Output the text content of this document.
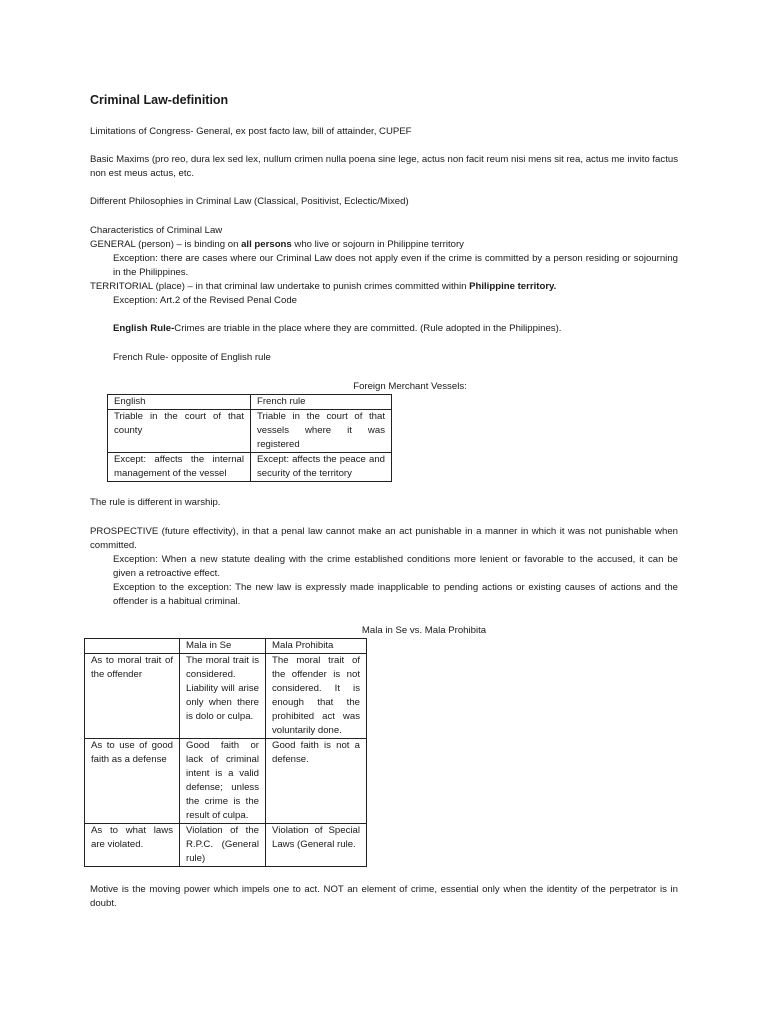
Criminal Law-definition
Limitations of Congress- General, ex post facto law, bill of attainder, CUPEF
Basic Maxims (pro reo, dura lex sed lex, nullum crimen nulla poena sine lege, actus non facit reum nisi mens sit rea, actus me invito factus non est meus actus, etc.
Different Philosophies in Criminal Law (Classical, Positivist, Eclectic/Mixed)
Characteristics of Criminal Law
GENERAL (person) – is binding on all persons who live or sojourn in Philippine territory
Exception: there are cases where our Criminal Law does not apply even if the crime is committed by a person residing or sojourning in the Philippines.
TERRITORIAL (place) – in that criminal law undertake to punish crimes committed within Philippine territory.
Exception: Art.2 of the Revised Penal Code
English Rule-Crimes are triable in the place where they are committed. (Rule adopted in the Philippines).
French Rule- opposite of English rule
Foreign Merchant Vessels:
English	French rule
Triable in the court of that county	Triable in the court of that vessels where it was registered
Except: affects the internal management of the vessel	Except: affects the peace and security of the territory
The rule is different in warship.
PROSPECTIVE (future effectivity), in that a penal law cannot make an act punishable in a manner in which it was not punishable when committed.
Exception: When a new statute dealing with the crime established conditions more lenient or favorable to the accused, it can be given a retroactive effect.
Exception to the exception: The new law is expressly made inapplicable to pending actions or existing causes of actions and the offender is a habitual criminal.
Mala in Se vs. Mala Prohibita
	Mala in Se	Mala Prohibita
As to moral trait of the offender	The moral trait is considered. Liability will arise only when there is dolo or culpa.	The moral trait of the offender is not considered. It is enough that the prohibited act was voluntarily done.
As to use of good faith as a defense	Good faith or lack of criminal intent is a valid defense; unless the crime is the result of culpa.	Good faith is not a defense.
As to what laws are violated.	Violation of the R.P.C. (General rule)	Violation of Special Laws (General rule.
Motive is the moving power which impels one to act. NOT an element of crime, essential only when the identity of the perpetrator is in doubt.
